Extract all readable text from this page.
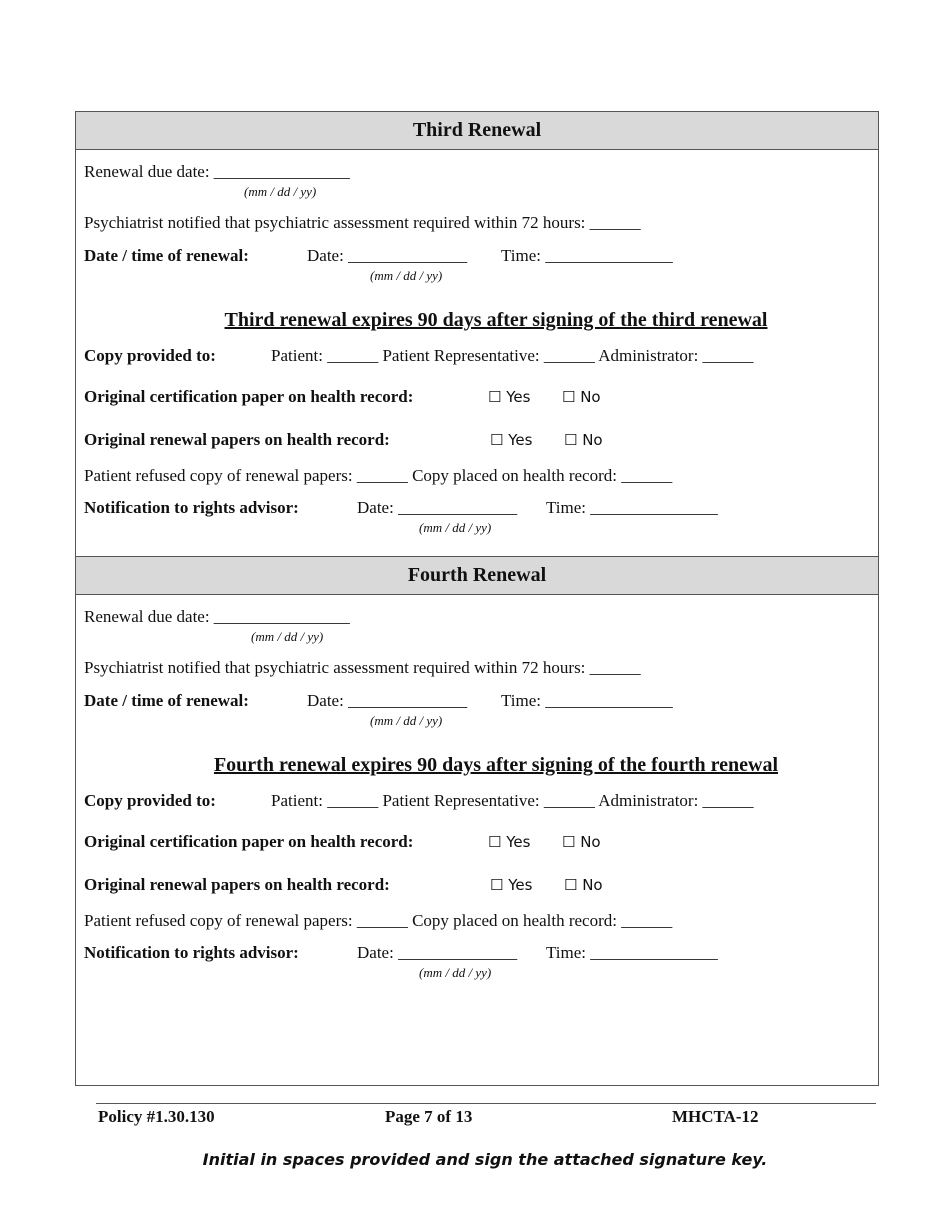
Third Renewal
Renewal due date: ________________
(mm / dd / yy)
Psychiatrist notified that psychiatric assessment required within 72 hours: ______
Date / time of renewal:	Date: ______________ Time: _______________
(mm / dd / yy)
Third renewal expires 90 days after signing of the third renewal
Copy provided to:	Patient: ______ Patient Representative: ______ Administrator: ______
Original certification paper on health record:	☐ Yes ☐ No
Original renewal papers on health record:	☐ Yes ☐ No
Patient refused copy of renewal papers: ______ Copy placed on health record: ______
Notification to rights advisor:	Date: ______________ Time: _______________
(mm / dd / yy)
Fourth Renewal
Renewal due date: ________________
(mm / dd / yy)
Psychiatrist notified that psychiatric assessment required within 72 hours: ______
Date / time of renewal:	Date: ______________ Time: _______________
(mm / dd / yy)
Fourth renewal expires 90 days after signing of the fourth renewal
Copy provided to:	Patient: ______ Patient Representative: ______ Administrator: ______
Original certification paper on health record:	☐ Yes ☐ No
Original renewal papers on health record:	☐ Yes ☐ No
Patient refused copy of renewal papers: ______ Copy placed on health record: ______
Notification to rights advisor:	Date: ______________ Time: _______________
(mm / dd / yy)
Policy #1.30.130	Page 7 of 13	MHCTA-12
Initial in spaces provided and sign the attached signature key.
